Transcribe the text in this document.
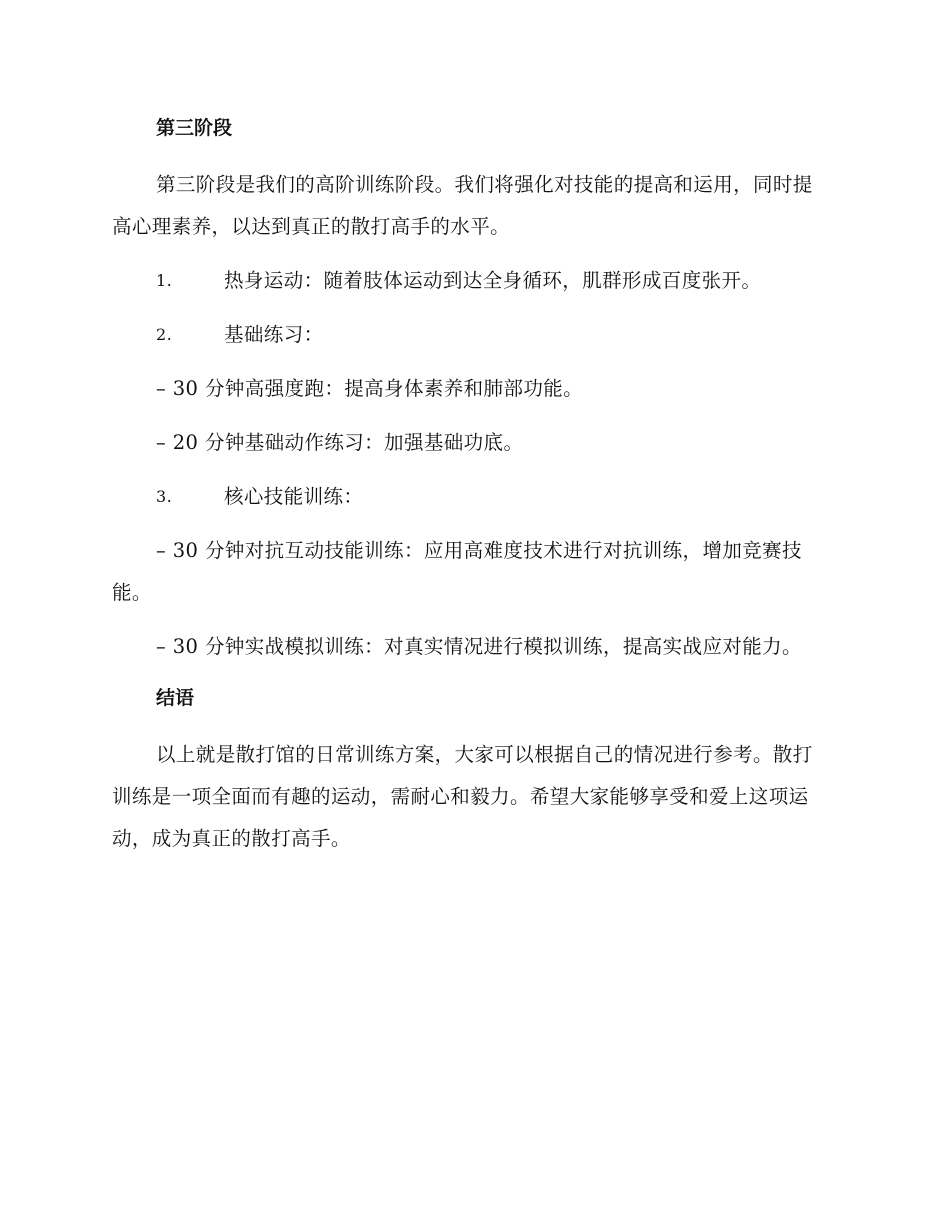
第三阶段

第三阶段是我们的高阶训练阶段。我们将强化对技能的提高和运用，同时提高心理素养，以达到真正的散打高手的水平。

1.	热身运动：随着肢体运动到达全身循环，肌群形成百度张开。
2.	基础练习：

– 30 分钟高强度跑：提高身体素养和肺部功能。

– 20 分钟基础动作练习：加强基础功底。

3.	核心技能训练：

– 30 分钟对抗互动技能训练：应用高难度技术进行对抗训练，增加竞赛技能。

– 30 分钟实战模拟训练：对真实情况进行模拟训练，提高实战应对能力。

结语

以上就是散打馆的日常训练方案，大家可以根据自己的情况进行参考。散打训练是一项全面而有趣的运动，需耐心和毅力。希望大家能够享受和爱上这项运动，成为真正的散打高手。
